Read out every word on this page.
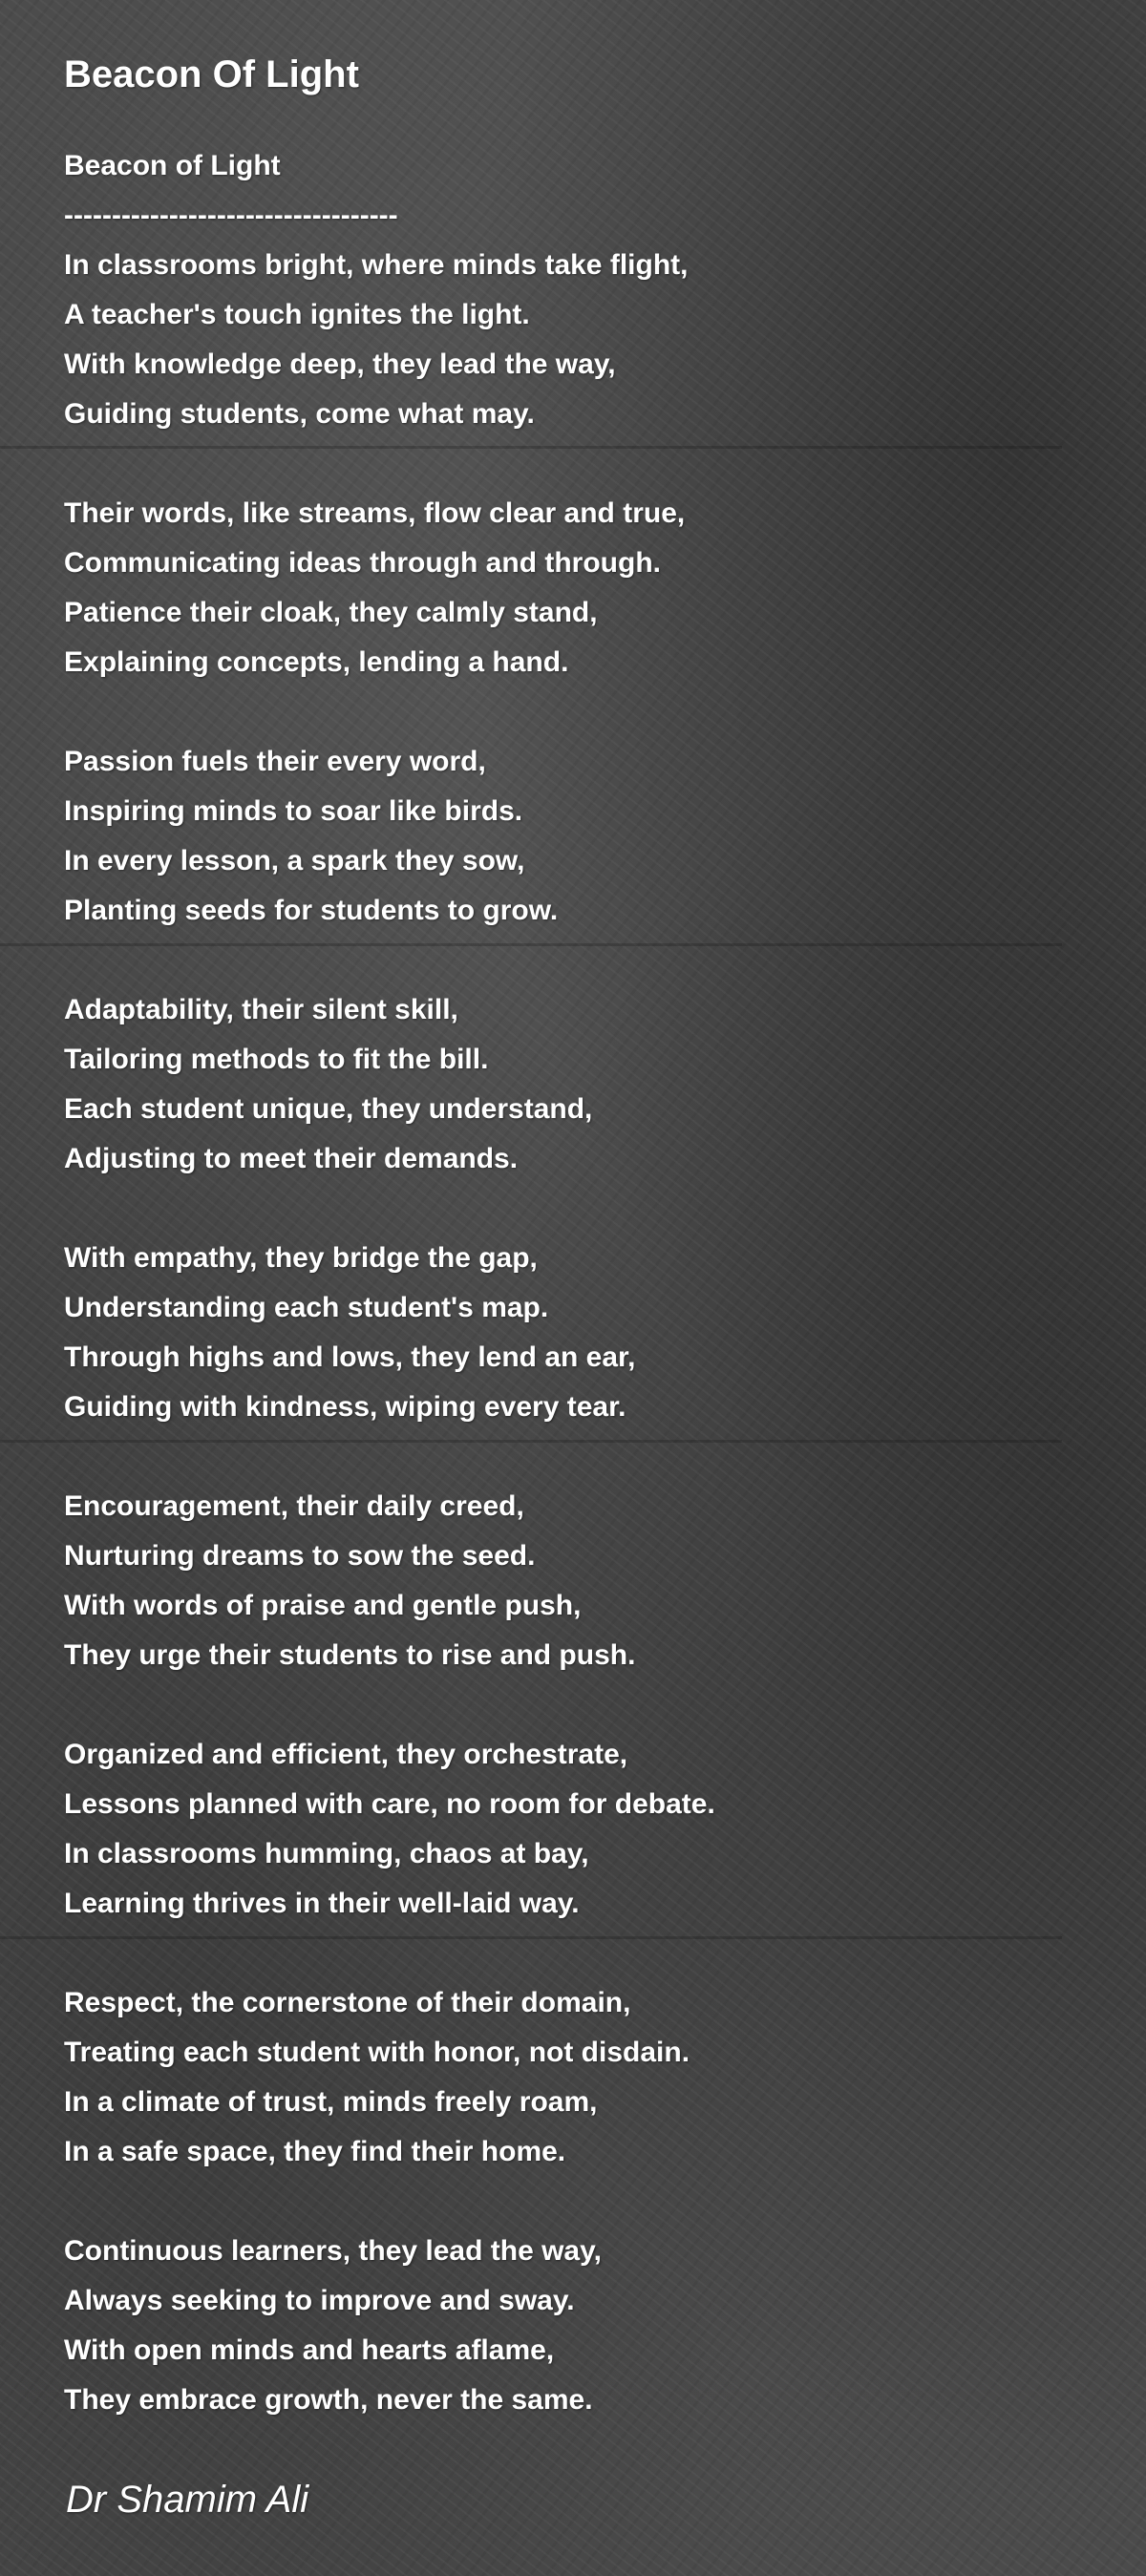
Beacon Of Light

Beacon of Light

-----------------------------------

In classrooms bright, where minds take flight,

A teacher's touch ignites the light.

With knowledge deep, they lead the way,

Guiding students, come what may.

Their words, like streams, flow clear and true,

Communicating ideas through and through.

Patience their cloak, they calmly stand,

Explaining concepts, lending a hand.

Passion fuels their every word,

Inspiring minds to soar like birds.

In every lesson, a spark they sow,

Planting seeds for students to grow.

Adaptability, their silent skill,

Tailoring methods to fit the bill.

Each student unique, they understand,

Adjusting to meet their demands.

With empathy, they bridge the gap,

Understanding each student's map.

Through highs and lows, they lend an ear,

Guiding with kindness, wiping every tear.

Encouragement, their daily creed,

Nurturing dreams to sow the seed.

With words of praise and gentle push,

They urge their students to rise and push.

Organized and efficient, they orchestrate,

Lessons planned with care, no room for debate.

In classrooms humming, chaos at bay,

Learning thrives in their well-laid way.

Respect, the cornerstone of their domain,

Treating each student with honor, not disdain.

In a climate of trust, minds freely roam,

In a safe space, they find their home.

Continuous learners, they lead the way,

Always seeking to improve and sway.

With open minds and hearts aflame,

They embrace growth, never the same.

Dr Shamim Ali
